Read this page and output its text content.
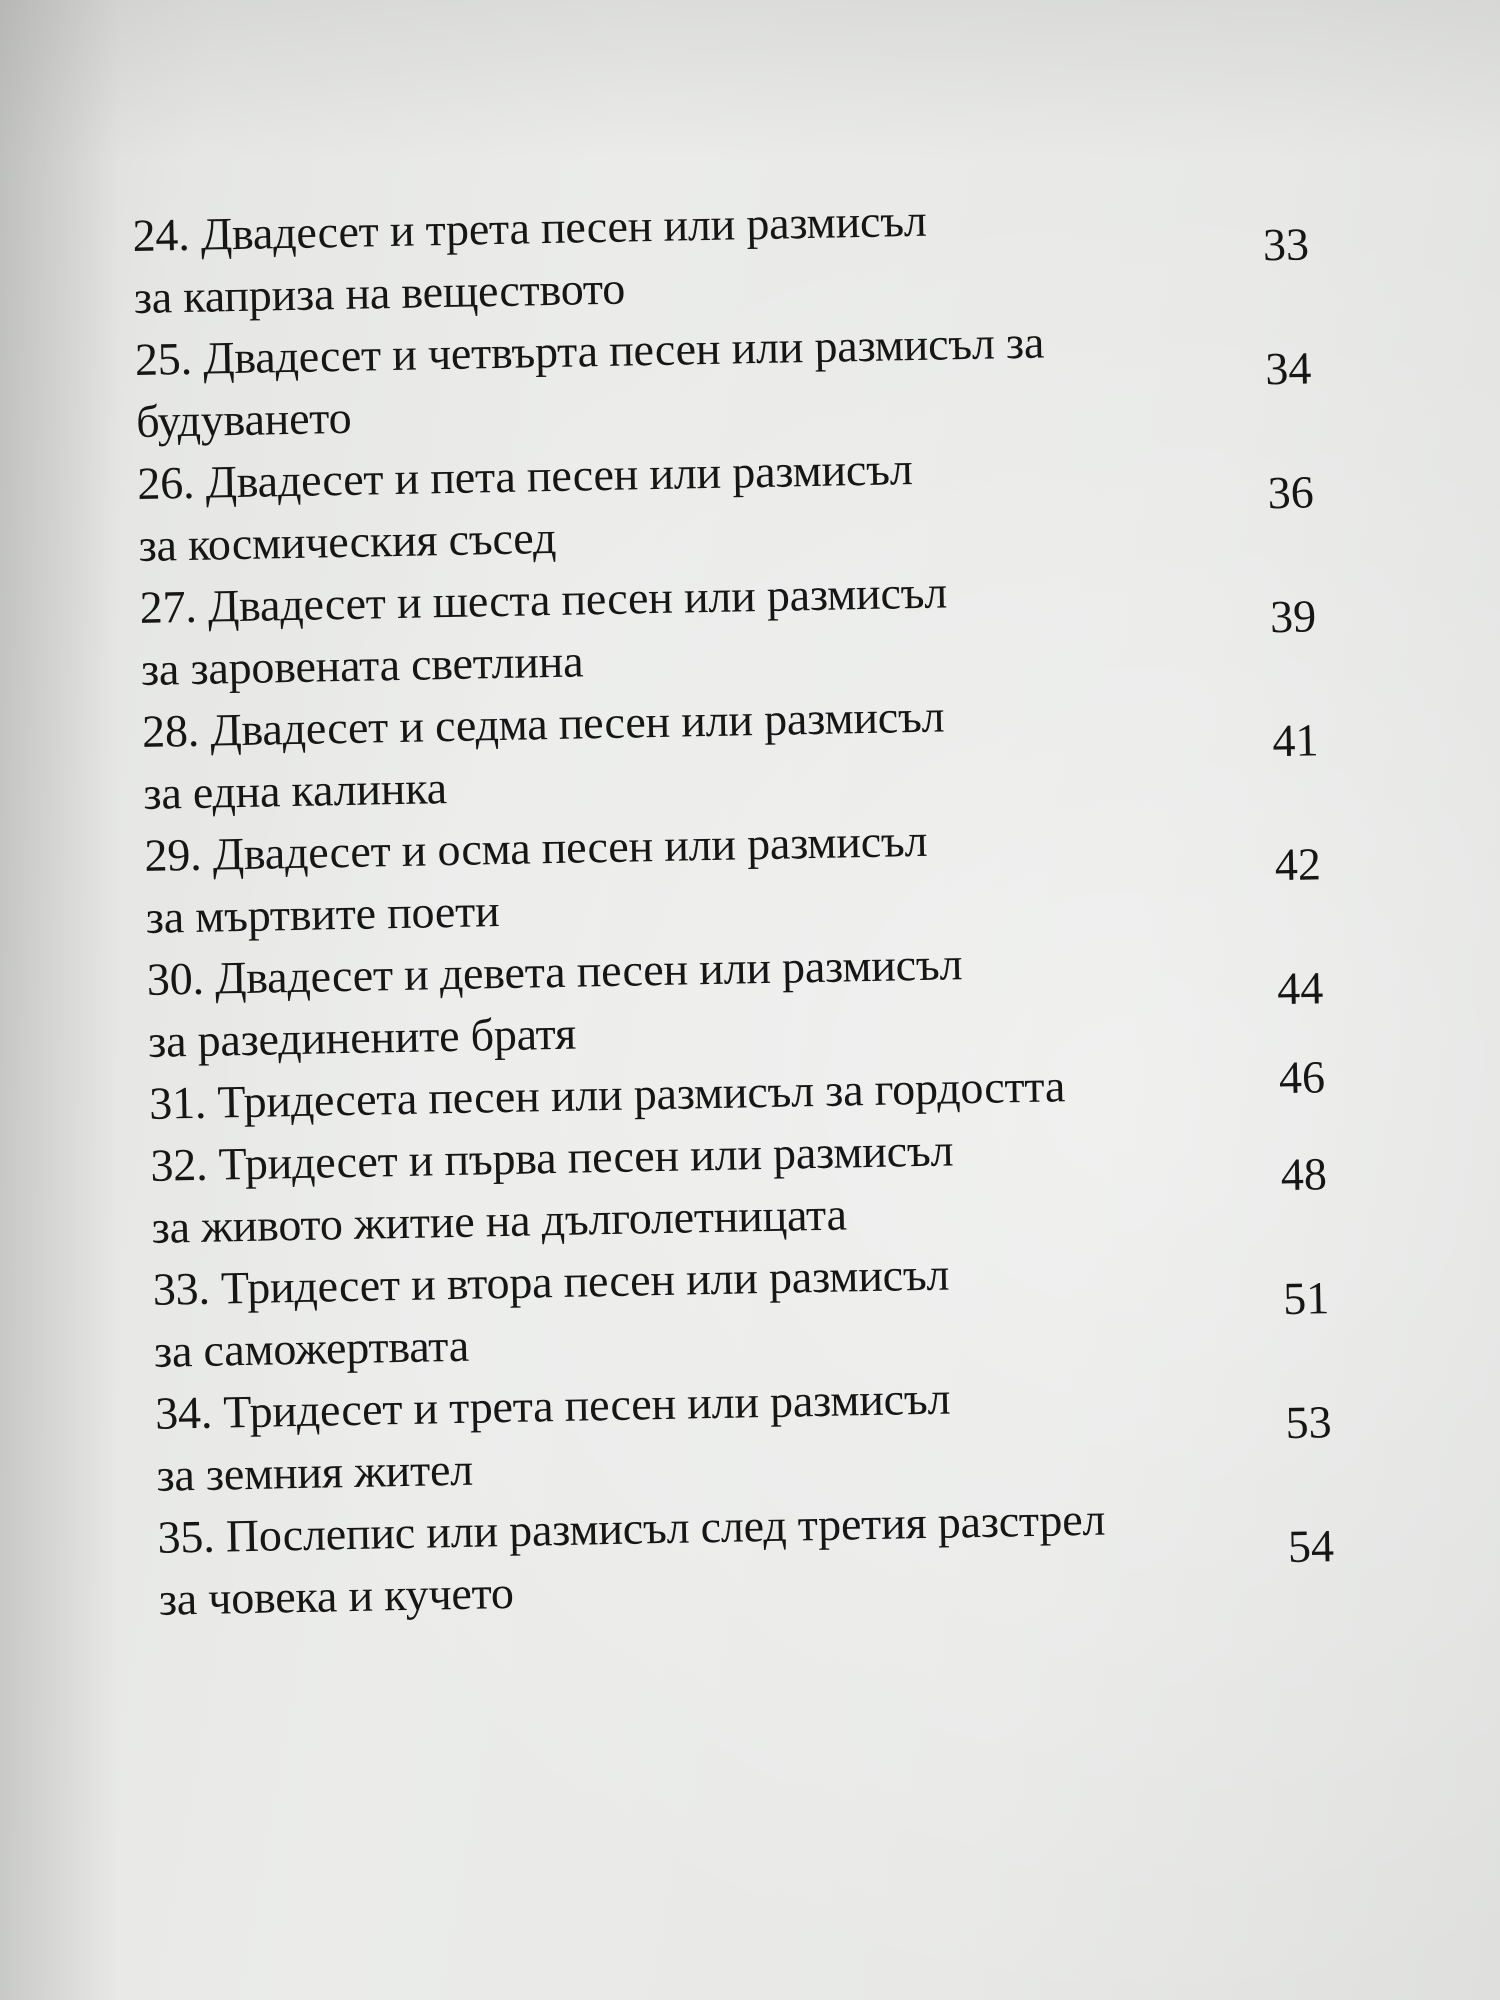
24. Двадесет и трета песен или размисъл
за каприза на веществото
33
25. Двадесет и четвърта песен или размисъл за
будуването
34
26. Двадесет и пета песен или размисъл
за космическия съсед
36
27. Двадесет и шеста песен или размисъл
за заровената светлина
39
28. Двадесет и седма песен или размисъл
за една калинка
41
29. Двадесет и осма песен или размисъл
за мъртвите поети
42
30. Двадесет и девета песен или размисъл
за разединените братя
44
31. Тридесета песен или размисъл за гордостта	46
32. Тридесет и първа песен или размисъл
за живото житие на дълголетницата
48
33. Тридесет и втора песен или размисъл
за саможертвата
51
34. Тридесет и трета песен или размисъл
за земния жител
53
35. Послепис или размисъл след третия разстрел
за човека и кучето
54
